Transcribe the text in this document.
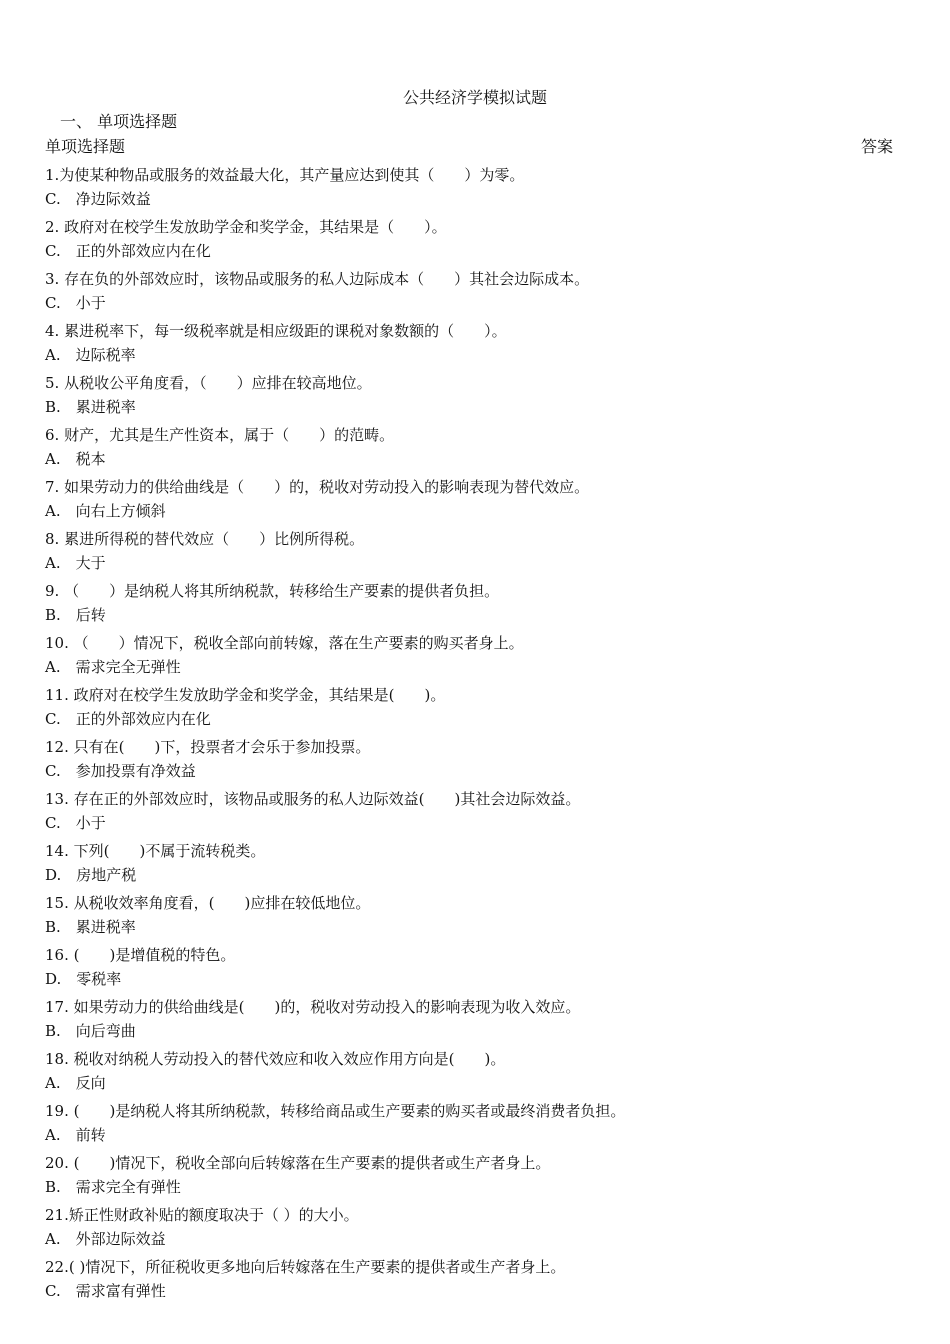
公共经济学模拟试题
一、 单项选择题
单项选择题	答案
1.为使某种物品或服务的效益最大化，其产量应达到使其（　　）为零。
C.　净边际效益
2. 政府对在校学生发放助学金和奖学金，其结果是（　　）。
C.　正的外部效应内在化
3. 存在负的外部效应时，该物品或服务的私人边际成本（　　）其社会边际成本。
C.　小于
4. 累进税率下，每一级税率就是相应级距的课税对象数额的（　　）。
A.　边际税率
5. 从税收公平角度看，（　　）应排在较高地位。
B.　累进税率
6. 财产，尤其是生产性资本，属于（　　）的范畴。
A.　税本
7. 如果劳动力的供给曲线是（　　）的，税收对劳动投入的影响表现为替代效应。
A.　向右上方倾斜
8. 累进所得税的替代效应（　　）比例所得税。
A.　大于
9. （　　）是纳税人将其所纳税款，转移给生产要素的提供者负担。
B.　后转
10. （　　）情况下，税收全部向前转嫁，落在生产要素的购买者身上。
A.　需求完全无弹性
11. 政府对在校学生发放助学金和奖学金，其结果是(　　)。
C.　正的外部效应内在化
12. 只有在(　　)下，投票者才会乐于参加投票。
C.　参加投票有净效益
13. 存在正的外部效应时，该物品或服务的私人边际效益(　　)其社会边际效益。
C.　小于
14. 下列(　　)不属于流转税类。
D.　房地产税
15. 从税收效率角度看，(　　)应排在较低地位。
B.　累进税率
16. (　　)是增值税的特色。
D.　零税率
17. 如果劳动力的供给曲线是(　　)的，税收对劳动投入的影响表现为收入效应。
B.　向后弯曲
18. 税收对纳税人劳动投入的替代效应和收入效应作用方向是(　　)。
A.　反向
19. (　　)是纳税人将其所纳税款，转移给商品或生产要素的购买者或最终消费者负担。
A.　前转
20. (　　)情况下，税收全部向后转嫁落在生产要素的提供者或生产者身上。
B.　需求完全有弹性
21.矫正性财政补贴的额度取决于（ ）的大小。
A.　外部边际效益
22.( )情况下，所征税收更多地向后转嫁落在生产要素的提供者或生产者身上。
C.　需求富有弹性
